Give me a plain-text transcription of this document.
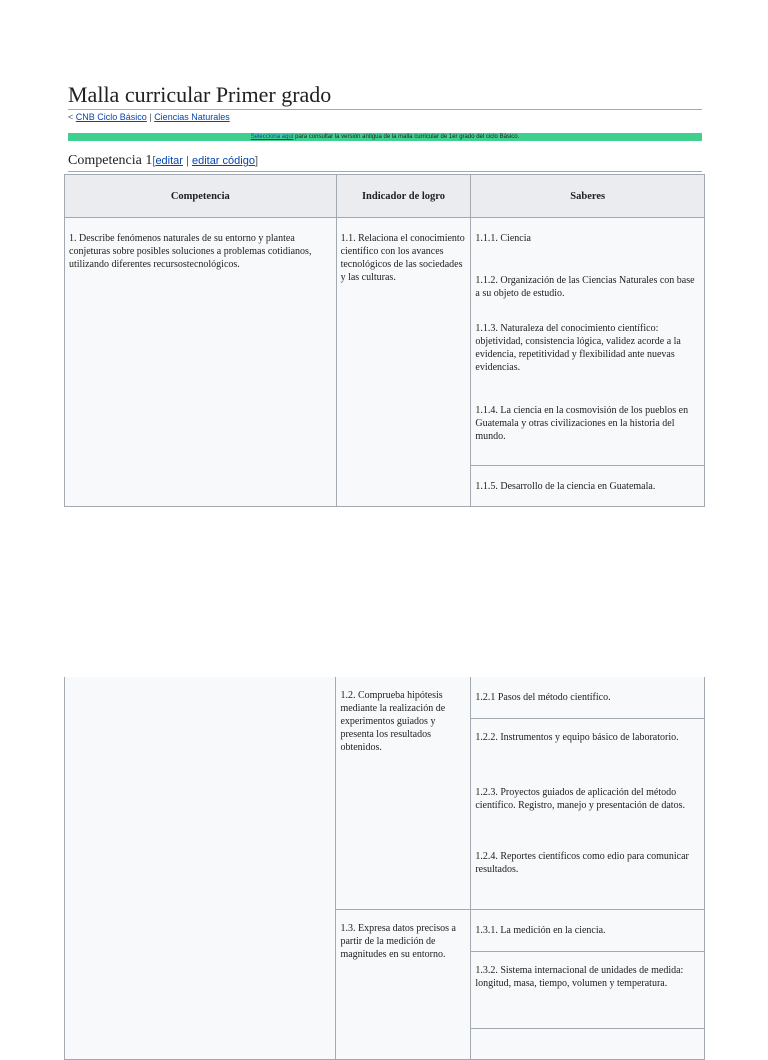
Malla curricular Primer grado
< CNB Ciclo Básico | Ciencias Naturales
Selecciona aquí para consultar la versión antigua de la malla curricular de 1er grado del ciclo Básico.
Competencia 1[editar | editar código]
Competencia	Indicador de logro	Saberes

1. Describe fenómenos naturales de su entorno y plantea conjeturas sobre posibles soluciones a problemas cotidianos, utilizando diferentes recursostecnológicos.	1.1. Relaciona el conocimiento científico con los avances tecnológicos de las sociedades y las culturas.	1.1.1. Ciencia

1.1.2. Organización de las Ciencias Naturales con base a su objeto de estudio.

1.1.3. Naturaleza del conocimiento científico: objetividad, consistencia lógica, validez acorde a la evidencia, repetitividad y flexibilidad ante nuevas evidencias.

1.1.4. La ciencia en la cosmovisión de los pueblos en Guatemala y otras civilizaciones en la historia del mundo.

		1.1.5. Desarrollo de la ciencia en Guatemala.

	1.2. Comprueba hipótesis mediante la realización de experimentos guiados y presenta los resultados obtenidos.	1.2.1 Pasos del método científico.

		1.2.2. Instrumentos y equipo básico de laboratorio.

1.2.3. Proyectos guiados de aplicación del método científico. Registro, manejo y presentación de datos.

1.2.4. Reportes científicos como edio para comunicar resultados.

	1.3. Expresa datos precisos a partir de la medición de magnitudes en su entorno.	1.3.1. La medición en la ciencia.

		1.3.2. Sistema internacional de unidades de medida: longitud, masa, tiempo, volumen y temperatura.
